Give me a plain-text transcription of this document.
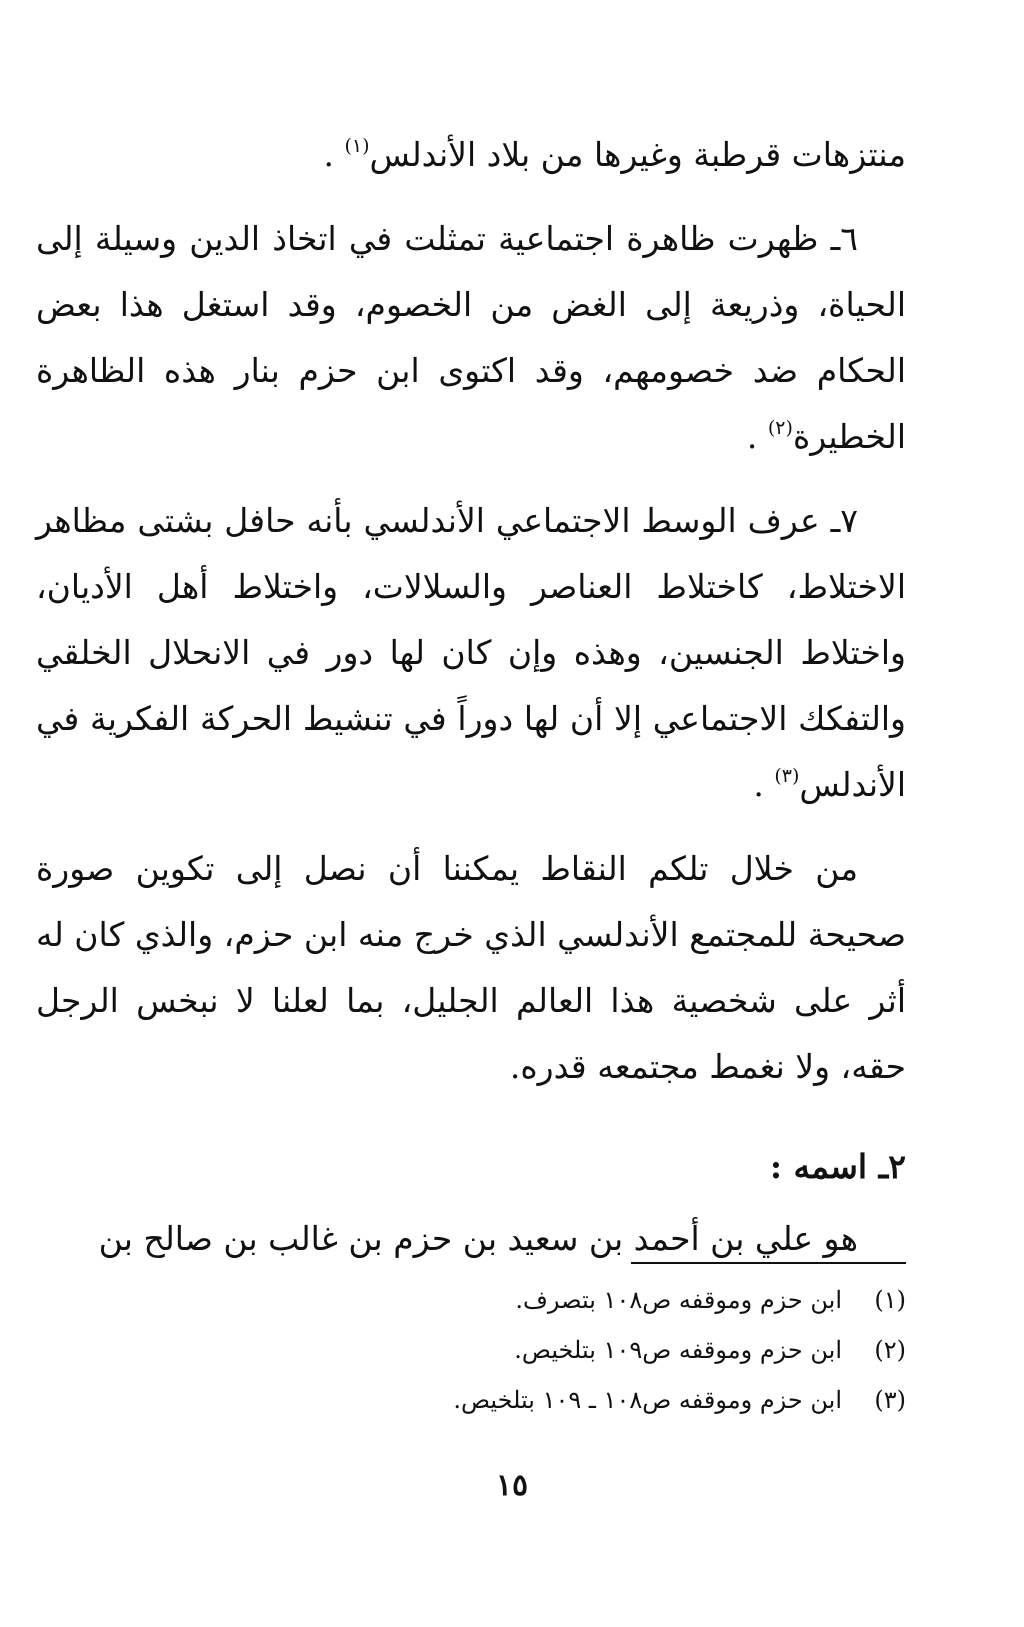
منتزهات قرطبة وغيرها من بلاد الأندلس$^{(١)}$ .

٦ـ ظهرت ظاهرة اجتماعية تمثلت في اتخاذ الدين وسيلة إلى الحياة، وذريعة إلى الغض من الخصوم، وقد استغل هذا بعض الحكام ضد خصومهم، وقد اكتوى ابن حزم بنار هذه الظاهرة الخطيرة$^{(٢)}$ .

٧ـ عرف الوسط الاجتماعي الأندلسي بأنه حافل بشتى مظاهر الاختلاط، كاختلاط العناصر والسلالات، واختلاط أهل الأديان، واختلاط الجنسين، وهذه وإن كان لها دور في الانحلال الخلقي والتفكك الاجتماعي إلا أن لها دوراً في تنشيط الحركة الفكرية في الأندلس$^{(٣)}$ .

من خلال تلكم النقاط يمكننا أن نصل إلى تكوين صورة صحيحة للمجتمع الأندلسي الذي خرج منه ابن حزم، والذي كان له أثر على شخصية هذا العالم الجليل، بما لعلنا لا نبخس الرجل حقه، ولا نغمط مجتمعه قدره.

٢ـ اسمه :

هو علي بن أحمد بن سعيد بن حزم بن غالب بن صالح بن

(١)ابن حزم وموقفه ص١٠٨ بتصرف.
(٢)ابن حزم وموقفه ص١٠٩ بتلخيص.
(٣)ابن حزم وموقفه ص١٠٨ ـ ١٠٩ بتلخيص.
١٥
